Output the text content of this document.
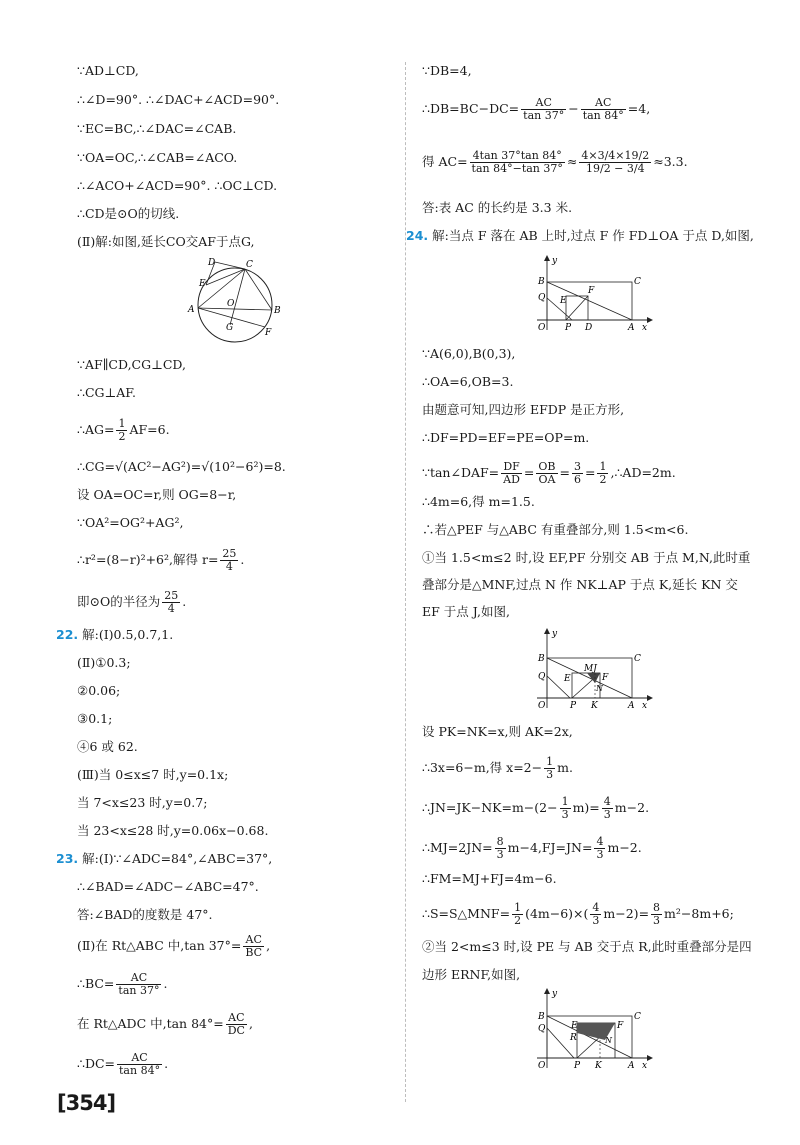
∵AD⊥CD,
∴∠D=90°. ∴∠DAC+∠ACD=90°.
∵EC=BC,∴∠DAC=∠CAB.
∵OA=OC,∴∠CAB=∠ACO.
∴∠ACO+∠ACD=90°. ∴OC⊥CD.
∴CD是⊙O的切线.
(Ⅱ)解:如图,延长CO交AF于点G,
D	C
E
O
A	B
G	F
∵AF∥CD,CG⊥CD,
∴CG⊥AF.
∴AG= $\frac{1}{2} AF=6$.
∴CG=√(AC²−AG²)=√(10²−6²)=8.
设 OA=OC=r,则 OG=8−r,
∵OA²=OG²+AG²,
∴r²=(8−r)²+6²,解得 $r= \frac{25}{4}$ .
即⊙O的半径为 $\frac{25}{4}$ .
22. 解:(Ⅰ)0.5,0.7,1.
(Ⅱ)①0.3;
②0.06;
③0.1;
④6 或 62.
(Ⅲ)当 0≤x≤7 时,y=0.1x;
当 7<x≤23 时,y=0.7;
当 23<x≤28 时,y=0.06x−0.68.
23. 解:(Ⅰ)∵∠ADC=84°,∠ABC=37°,
∴∠BAD=∠ADC−∠ABC=47°.
答:∠BAD的度数是 47°.
(Ⅱ)在 Rt△ABC 中,tan $37^\circ= \frac{AC}{BC}$ ,
∴BC= $\frac{AC}{\tan 37^\circ}$ .
在 Rt△ADC 中,tan $84^\circ= \frac{AC}{DC}$ ,
∴DC= $\frac{AC}{\tan 84^\circ}$ .
[354]
∵DB=4,
∴DB=BC−DC= $\frac{AC}{\tan 37^\circ} - \frac{AC}{\tan 84^\circ} =4$,
得 $AC= \frac{4\tan 37^\circ\tan 84^\circ}{\tan 84^\circ-\tan 37^\circ} \approx \frac{4\times 3/4\times 19/2}{19/2 - 3/4} \approx 3.3$.
答:表 AC 的长约是 3.3 米.
24. 解:当点 F 落在 AB 上时,过点 F 作 FD⊥OA 于点 D,如图,
B	C
y
Q E
F
O P D	A x
∵A(6,0),B(0,3),
∴OA=6,OB=3.
由题意可知,四边形 EFDP 是正方形,
∴DF=PD=EF=PE=OP=m.
∵tan∠DAF= $\frac{DF}{AD} = \frac{OB}{OA} = \frac{3}{6} = \frac{1}{2}$ ,∴AD=2m.
∴4m=6,得 m=1.5.
∴若△PEF 与△ABC 有重叠部分,则 1.5<m<6.
①当 1.5<m≤2 时,设 EF,PF 分别交 AB 于点 M,N,此时重
叠部分是△MNF,过点 N 作 NK⊥AP 于点 K,延长 KN 交
EF 于点 J,如图,
B	C
y
Q E
MJ
F
N
O	P K	A x
设 PK=NK=x,则 AK=2x,
∴3x=6−m,得 $x=2- \frac{1}{3} m$.
∴JN=JK−NK=m−(2− $\frac{1}{3} m)= \frac{4}{3} m-2$.
∴MJ=2JN= $\frac{8}{3} m-4,FJ=JN= \frac{4}{3} m-2$.
∴FM=MJ+FJ=4m−6.
∴S=S△MNF= $\frac{1}{2} (4m-6)\times( \frac{4}{3} m-2)= \frac{8}{3} m^2-8m+6$;
②当 2<m≤3 时,设 PE 与 AB 交于点 R,此时重叠部分是四
边形 ERNF,如图,
B	C
y
Q	E	F
R	N
O	P K	A x
